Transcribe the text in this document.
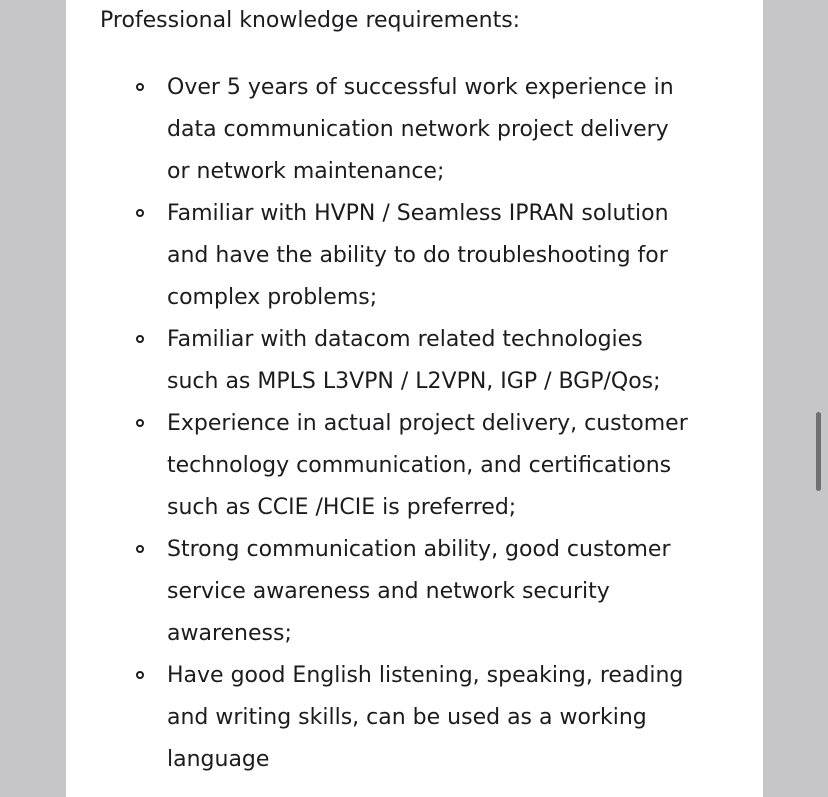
Professional knowledge requirements:

Over 5 years of successful work experience in
data communication network project delivery
or network maintenance;
Familiar with HVPN / Seamless IPRAN solution
and have the ability to do troubleshooting for
complex problems;
Familiar with datacom related technologies
such as MPLS L3VPN / L2VPN, IGP / BGP/Qos;
Experience in actual project delivery, customer
technology communication, and certifications
such as CCIE /HCIE is preferred;
Strong communication ability, good customer
service awareness and network security
awareness;
Have good English listening, speaking, reading
and writing skills, can be used as a working
language
